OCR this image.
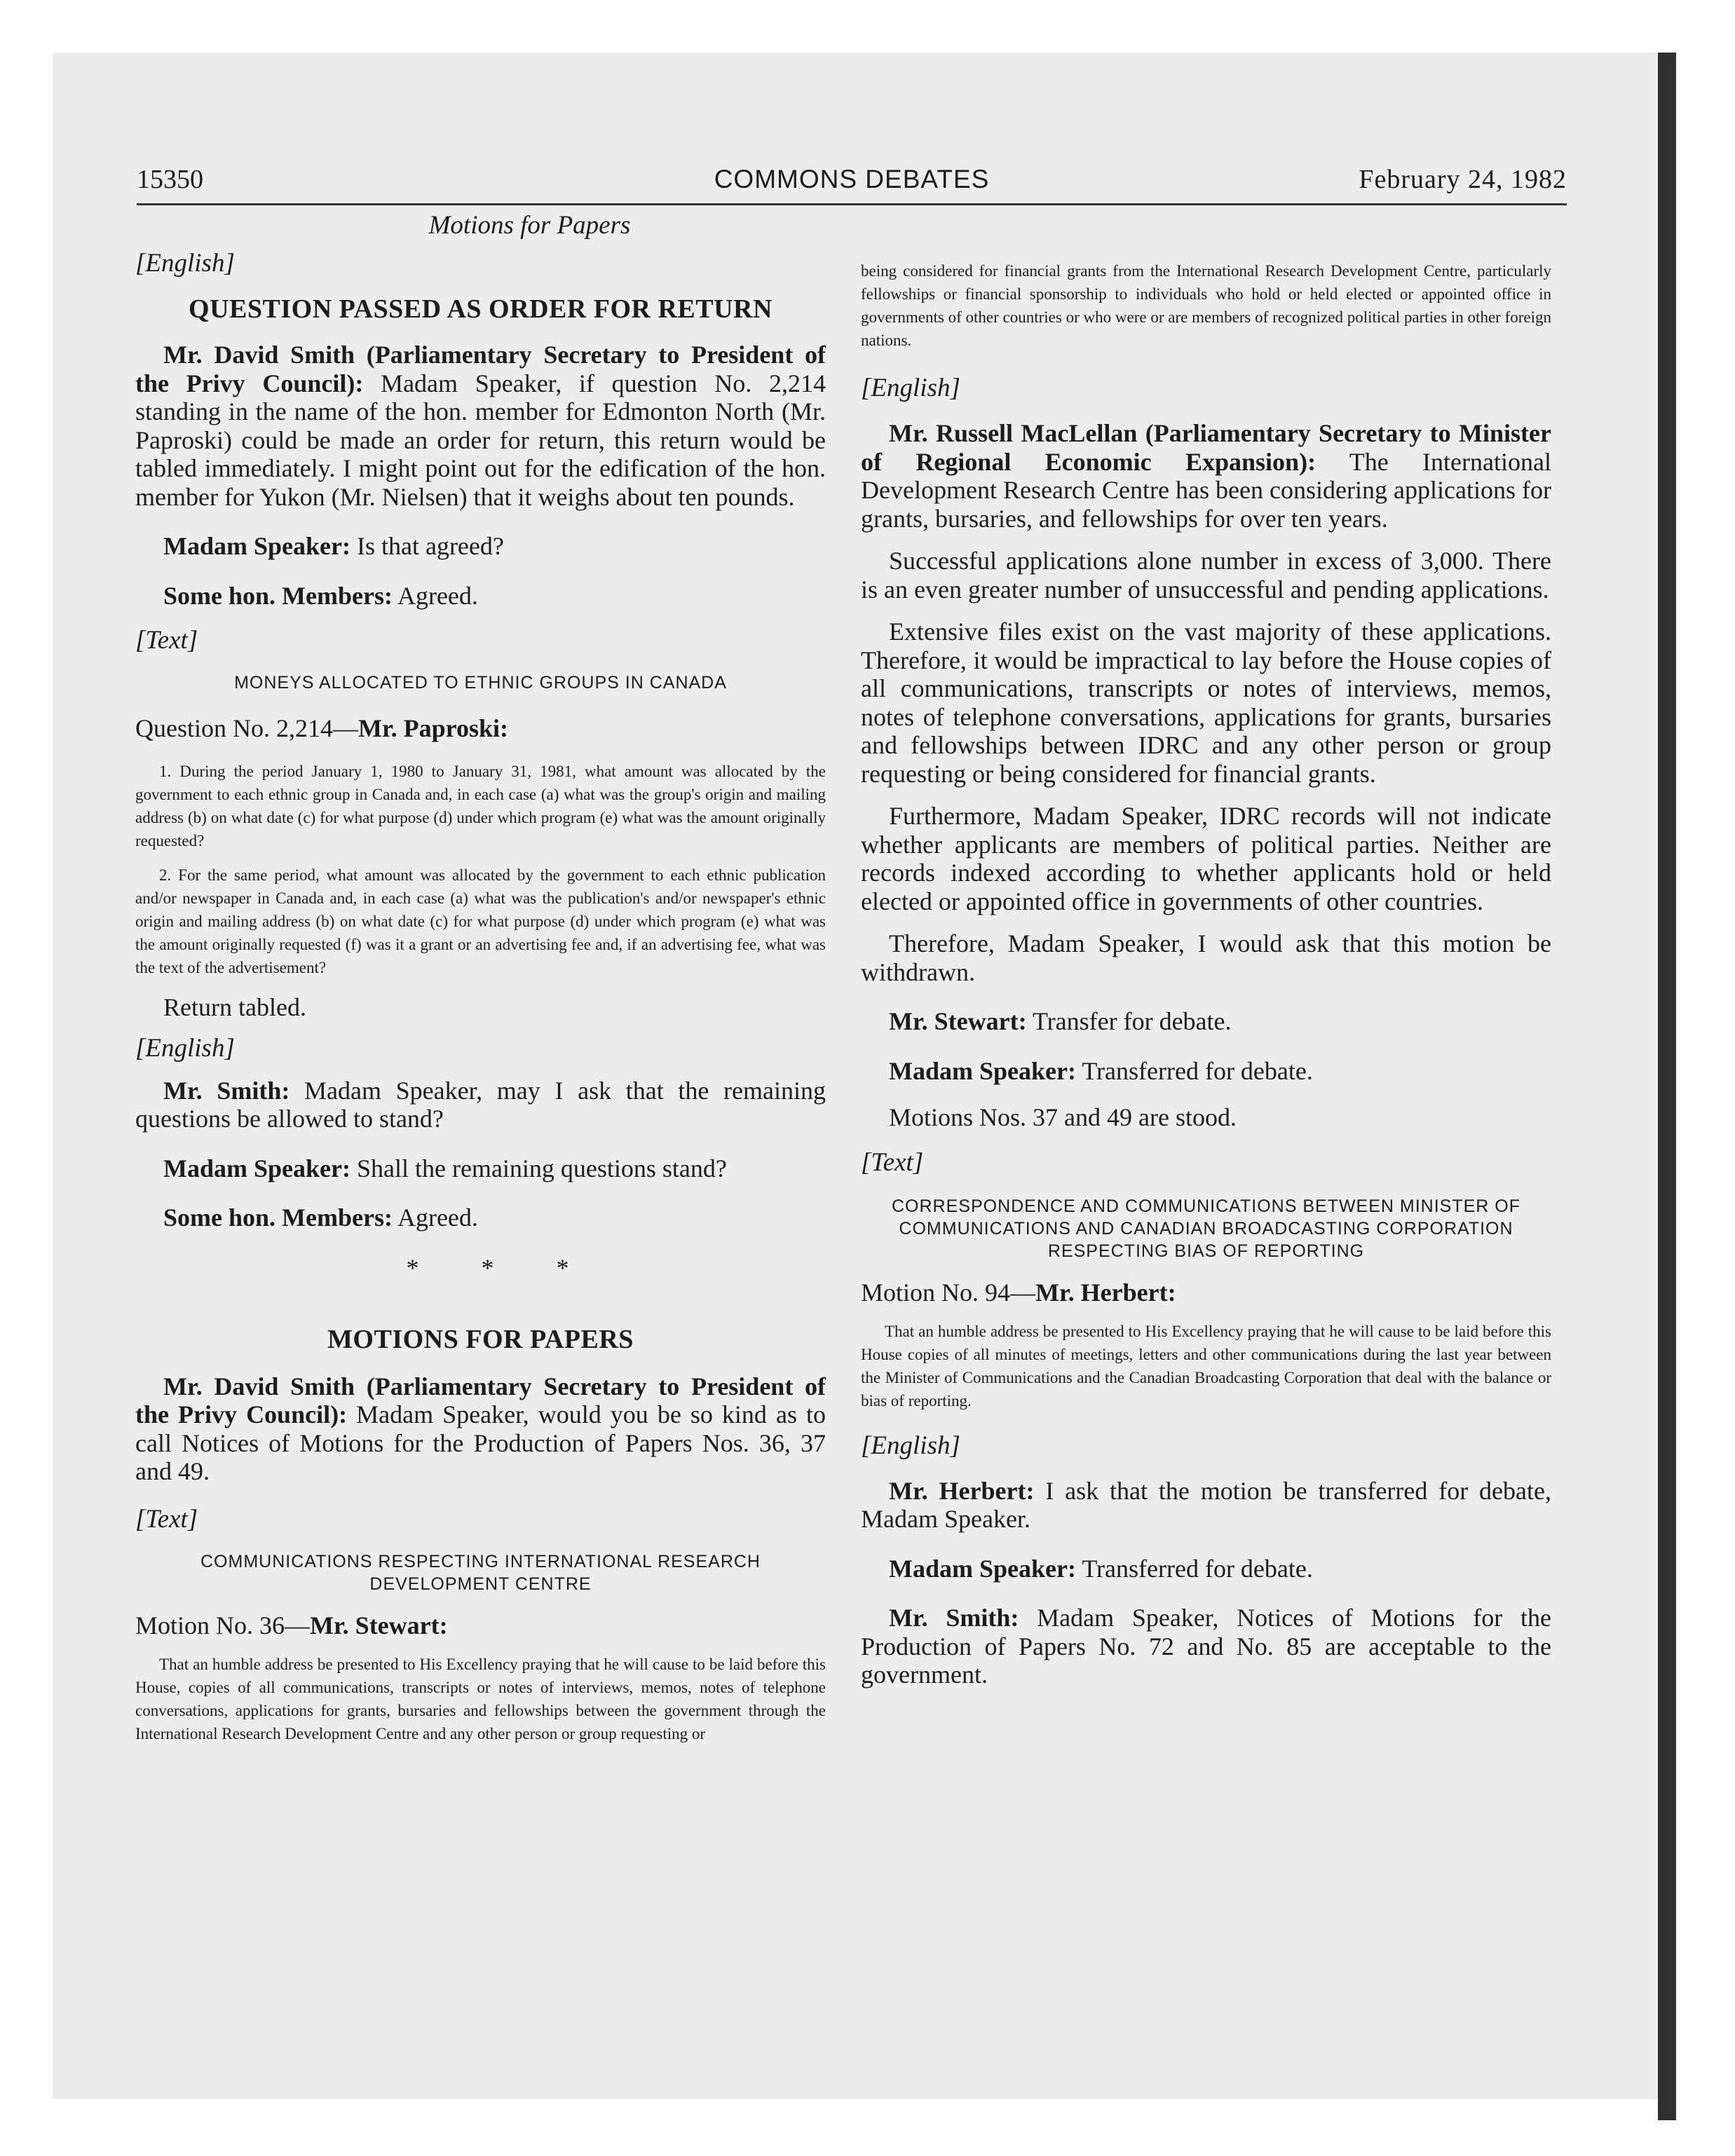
15350	COMMONS DEBATES	February 24, 1982

Motions for Papers

[English]

QUESTION PASSED AS ORDER FOR RETURN

Mr. David Smith (Parliamentary Secretary to President of the Privy Council): Madam Speaker, if question No. 2,214 standing in the name of the hon. member for Edmonton North (Mr. Paproski) could be made an order for return, this return would be tabled immediately. I might point out for the edification of the hon. member for Yukon (Mr. Nielsen) that it weighs about ten pounds.

Madam Speaker: Is that agreed?

Some hon. Members: Agreed.

[Text]

MONEYS ALLOCATED TO ETHNIC GROUPS IN CANADA

Question No. 2,214—Mr. Paproski:

1. During the period January 1, 1980 to January 31, 1981, what amount was allocated by the government to each ethnic group in Canada and, in each case (a) what was the group's origin and mailing address (b) on what date (c) for what purpose (d) under which program (e) what was the amount originally requested?

2. For the same period, what amount was allocated by the government to each ethnic publication and/or newspaper in Canada and, in each case (a) what was the publication's and/or newspaper's ethnic origin and mailing address (b) on what date (c) for what purpose (d) under which program (e) what was the amount originally requested (f) was it a grant or an advertising fee and, if an advertising fee, what was the text of the advertisement?

Return tabled.

[English]

Mr. Smith: Madam Speaker, may I ask that the remaining questions be allowed to stand?

Madam Speaker: Shall the remaining questions stand?

Some hon. Members: Agreed.

* * *

MOTIONS FOR PAPERS

Mr. David Smith (Parliamentary Secretary to President of the Privy Council): Madam Speaker, would you be so kind as to call Notices of Motions for the Production of Papers Nos. 36, 37 and 49.

[Text]

COMMUNICATIONS RESPECTING INTERNATIONAL RESEARCH DEVELOPMENT CENTRE

Motion No. 36—Mr. Stewart:

That an humble address be presented to His Excellency praying that he will cause to be laid before this House, copies of all communications, transcripts or notes of interviews, memos, notes of telephone conversations, applications for grants, bursaries and fellowships between the government through the International Research Development Centre and any other person or group requesting or

being considered for financial grants from the International Research Development Centre, particularly fellowships or financial sponsorship to individuals who hold or held elected or appointed office in governments of other countries or who were or are members of recognized political parties in other foreign nations.

[English]

Mr. Russell MacLellan (Parliamentary Secretary to Minister of Regional Economic Expansion): The International Development Research Centre has been considering applications for grants, bursaries, and fellowships for over ten years.

Successful applications alone number in excess of 3,000. There is an even greater number of unsuccessful and pending applications.

Extensive files exist on the vast majority of these applications. Therefore, it would be impractical to lay before the House copies of all communications, transcripts or notes of interviews, memos, notes of telephone conversations, applications for grants, bursaries and fellowships between IDRC and any other person or group requesting or being considered for financial grants.

Furthermore, Madam Speaker, IDRC records will not indicate whether applicants are members of political parties. Neither are records indexed according to whether applicants hold or held elected or appointed office in governments of other countries.

Therefore, Madam Speaker, I would ask that this motion be withdrawn.

Mr. Stewart: Transfer for debate.

Madam Speaker: Transferred for debate.

Motions Nos. 37 and 49 are stood.

[Text]

CORRESPONDENCE AND COMMUNICATIONS BETWEEN MINISTER OF COMMUNICATIONS AND CANADIAN BROADCASTING CORPORATION RESPECTING BIAS OF REPORTING

Motion No. 94—Mr. Herbert:

That an humble address be presented to His Excellency praying that he will cause to be laid before this House copies of all minutes of meetings, letters and other communications during the last year between the Minister of Communications and the Canadian Broadcasting Corporation that deal with the balance or bias of reporting.

[English]

Mr. Herbert: I ask that the motion be transferred for debate, Madam Speaker.

Madam Speaker: Transferred for debate.

Mr. Smith: Madam Speaker, Notices of Motions for the Production of Papers No. 72 and No. 85 are acceptable to the government.
